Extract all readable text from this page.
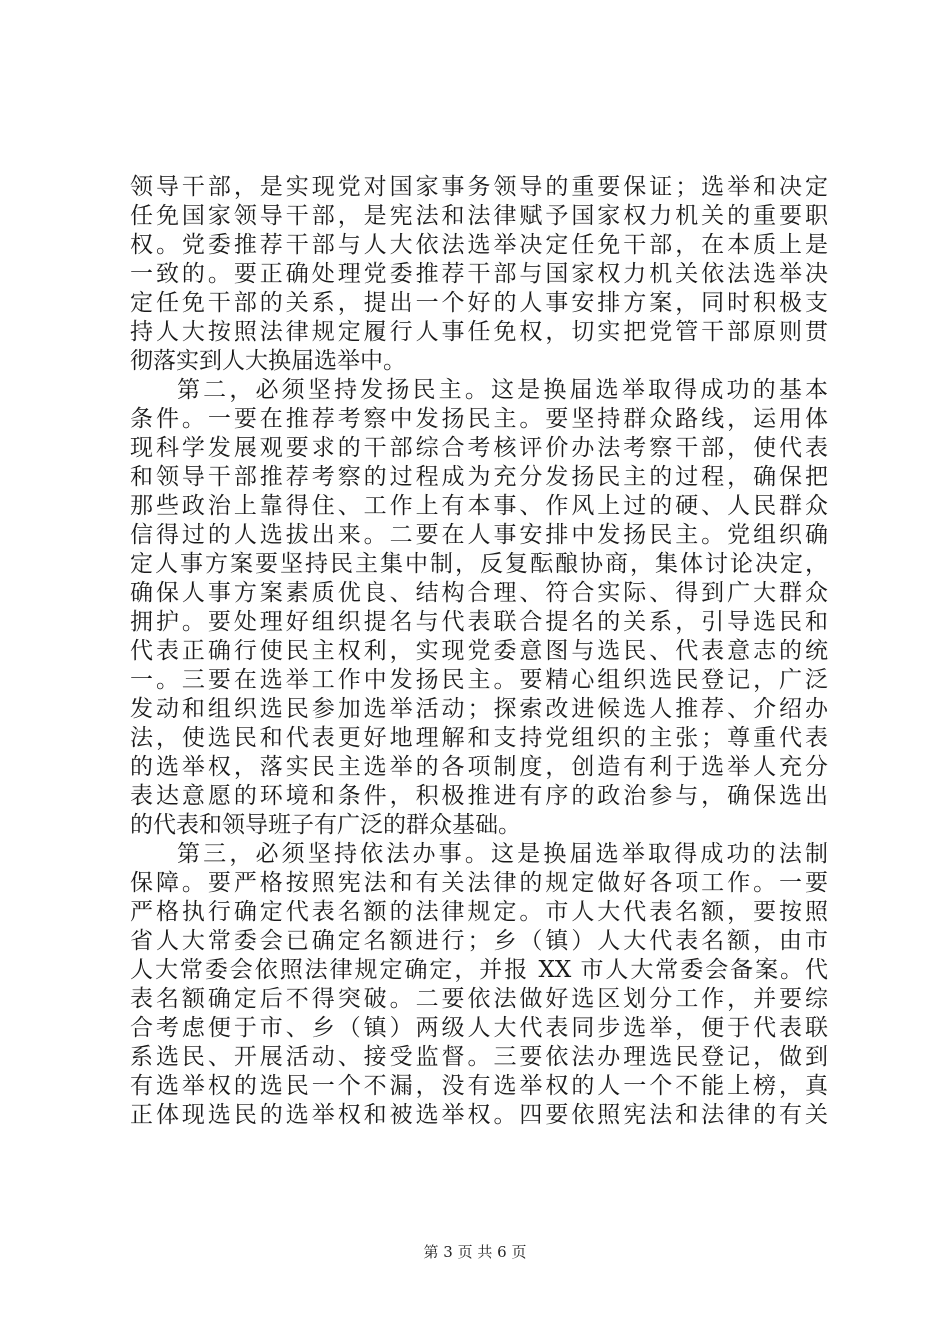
领导干部，是实现党对国家事务领导的重要保证；选举和决定
任免国家领导干部，是宪法和法律赋予国家权力机关的重要职
权。党委推荐干部与人大依法选举决定任免干部，在本质上是
一致的。要正确处理党委推荐干部与国家权力机关依法选举决
定任免干部的关系，提出一个好的人事安排方案，同时积极支
持人大按照法律规定履行人事任免权，切实把党管干部原则贯
彻落实到人大换届选举中。
第二，必须坚持发扬民主。这是换届选举取得成功的基本
条件。一要在推荐考察中发扬民主。要坚持群众路线，运用体
现科学发展观要求的干部综合考核评价办法考察干部，使代表
和领导干部推荐考察的过程成为充分发扬民主的过程，确保把
那些政治上靠得住、工作上有本事、作风上过的硬、人民群众
信得过的人选拔出来。二要在人事安排中发扬民主。党组织确
定人事方案要坚持民主集中制，反复酝酿协商，集体讨论决定，
确保人事方案素质优良、结构合理、符合实际、得到广大群众
拥护。要处理好组织提名与代表联合提名的关系，引导选民和
代表正确行使民主权利，实现党委意图与选民、代表意志的统
一。三要在选举工作中发扬民主。要精心组织选民登记，广泛
发动和组织选民参加选举活动；探索改进候选人推荐、介绍办
法，使选民和代表更好地理解和支持党组织的主张；尊重代表
的选举权，落实民主选举的各项制度，创造有利于选举人充分
表达意愿的环境和条件，积极推进有序的政治参与，确保选出
的代表和领导班子有广泛的群众基础。
第三，必须坚持依法办事。这是换届选举取得成功的法制
保障。要严格按照宪法和有关法律的规定做好各项工作。一要
严格执行确定代表名额的法律规定。市人大代表名额，要按照
省人大常委会已确定名额进行；乡（镇）人大代表名额，由市
人大常委会依照法律规定确定，并报 XX 市人大常委会备案。代
表名额确定后不得突破。二要依法做好选区划分工作，并要综
合考虑便于市、乡（镇）两级人大代表同步选举，便于代表联
系选民、开展活动、接受监督。三要依法办理选民登记，做到
有选举权的选民一个不漏，没有选举权的人一个不能上榜，真
正体现选民的选举权和被选举权。四要依照宪法和法律的有关
第 3 页 共 6 页
